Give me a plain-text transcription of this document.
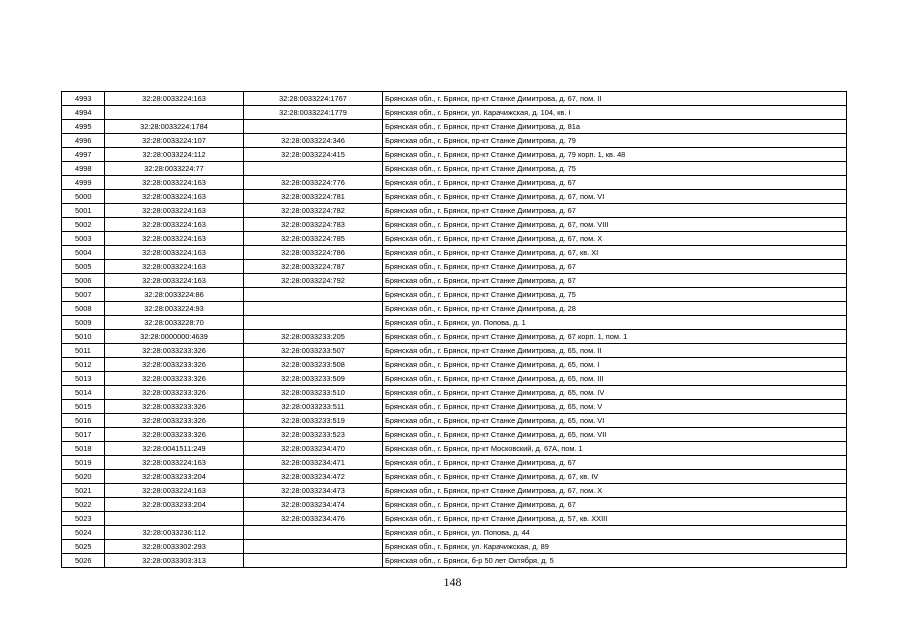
4993	32:28:0033224:163	32:28:0033224:1767	Брянская обл., г. Брянск, пр-кт Станке Димитрова, д. 67, пом. II
4994		32:28:0033224:1779	Брянская обл., г. Брянск, ул. Карачижская, д. 104, кв. I
4995	32:28:0033224:1784		Брянская обл., г. Брянск, пр-кт Станке Димитрова, д. 81а
4996	32:28:0033224:107	32:28:0033224:346	Брянская обл., г. Брянск, пр-кт Станке Димитрова, д. 79
4997	32:28:0033224:112	32:28:0033224:415	Брянская обл., г. Брянск, пр-кт Станке Димитрова, д. 79 корп. 1, кв. 48
4998	32:28:0033224:77		Брянская обл., г. Брянск, пр-кт Станке Димитрова, д. 75
4999	32:28:0033224:163	32:28:0033224:776	Брянская обл., г. Брянск, пр-кт Станке Димитрова, д. 67
5000	32:28:0033224:163	32:28:0033224:781	Брянская обл., г. Брянск, пр-кт Станке Димитрова, д. 67, пом. VI
5001	32:28:0033224:163	32:28:0033224:782	Брянская обл., г. Брянск, пр-кт Станке Димитрова, д. 67
5002	32:28:0033224:163	32:28:0033224:783	Брянская обл., г. Брянск, пр-кт Станке Димитрова, д. 67, пом. VIII
5003	32:28:0033224:163	32:28:0033224:785	Брянская обл., г. Брянск, пр-кт Станке Димитрова, д. 67, пом. X
5004	32:28:0033224:163	32:28:0033224:786	Брянская обл., г. Брянск, пр-кт Станке Димитрова, д. 67, кв. XI
5005	32:28:0033224:163	32:28:0033224:787	Брянская обл., г. Брянск, пр-кт Станке Димитрова, д. 67
5006	32:28:0033224:163	32:28:0033224:792	Брянская обл., г. Брянск, пр-кт Станке Димитрова, д. 67
5007	32:28:0033224:86		Брянская обл., г. Брянск, пр-кт Станке Димитрова, д. 75
5008	32:28:0033224:93		Брянская обл., г. Брянск, пр-кт Станке Димитрова, д. 28
5009	32:28:0033228:70		Брянская обл., г. Брянск, ул. Попова, д. 1
5010	32:28:0000000:4639	32:28:0033233:205	Брянская обл., г. Брянск, пр-кт Станке Димитрова, д. 67 корп. 1, пом. 1
5011	32:28:0033233:326	32:28:0033233:507	Брянская обл., г. Брянск, пр-кт Станке Димитрова, д. 65, пом. II
5012	32:28:0033233:326	32:28:0033233:508	Брянская обл., г. Брянск, пр-кт Станке Димитрова, д. 65, пом. I
5013	32:28:0033233:326	32:28:0033233:509	Брянская обл., г. Брянск, пр-кт Станке Димитрова, д. 65, пом. III
5014	32:28:0033233:326	32:28:0033233:510	Брянская обл., г. Брянск, пр-кт Станке Димитрова, д. 65, пом. IV
5015	32:28:0033233:326	32:28:0033233:511	Брянская обл., г. Брянск, пр-кт Станке Димитрова, д. 65, пом. V
5016	32:28:0033233:326	32:28:0033233:519	Брянская обл., г. Брянск, пр-кт Станке Димитрова, д. 65, пом. VI
5017	32:28:0033233:326	32:28:0033233:523	Брянская обл., г. Брянск, пр-кт Станке Димитрова, д. 65, пом. VII
5018	32:28:0041511:249	32:28:0033234:470	Брянская обл., г. Брянск, пр-кт Московский, д. 67А, пом. 1
5019	32:28:0033224:163	32:28:0033234:471	Брянская обл., г. Брянск, пр-кт Станке Димитрова, д. 67
5020	32:28:0033233:204	32:28:0033234:472	Брянская обл., г. Брянск, пр-кт Станке Димитрова, д. 67, кв. IV
5021	32:28:0033224:163	32:28:0033234:473	Брянская обл., г. Брянск, пр-кт Станке Димитрова, д. 67, пом. X
5022	32:28:0033233:204	32:28:0033234:474	Брянская обл., г. Брянск, пр-кт Станке Димитрова, д. 67
5023		32:28:0033234:476	Брянская обл., г. Брянск, пр-кт Станке Димитрова, д. 57, кв. XXIII
5024	32:28:0033236:112		Брянская обл., г. Брянск, ул. Попова, д. 44
5025	32:28:0033302:293		Брянская обл., г. Брянск, ул. Карачижская, д. 89
5026	32:28:0033303:313		Брянская обл., г. Брянск, б-р 50 лет Октября, д. 5
148
